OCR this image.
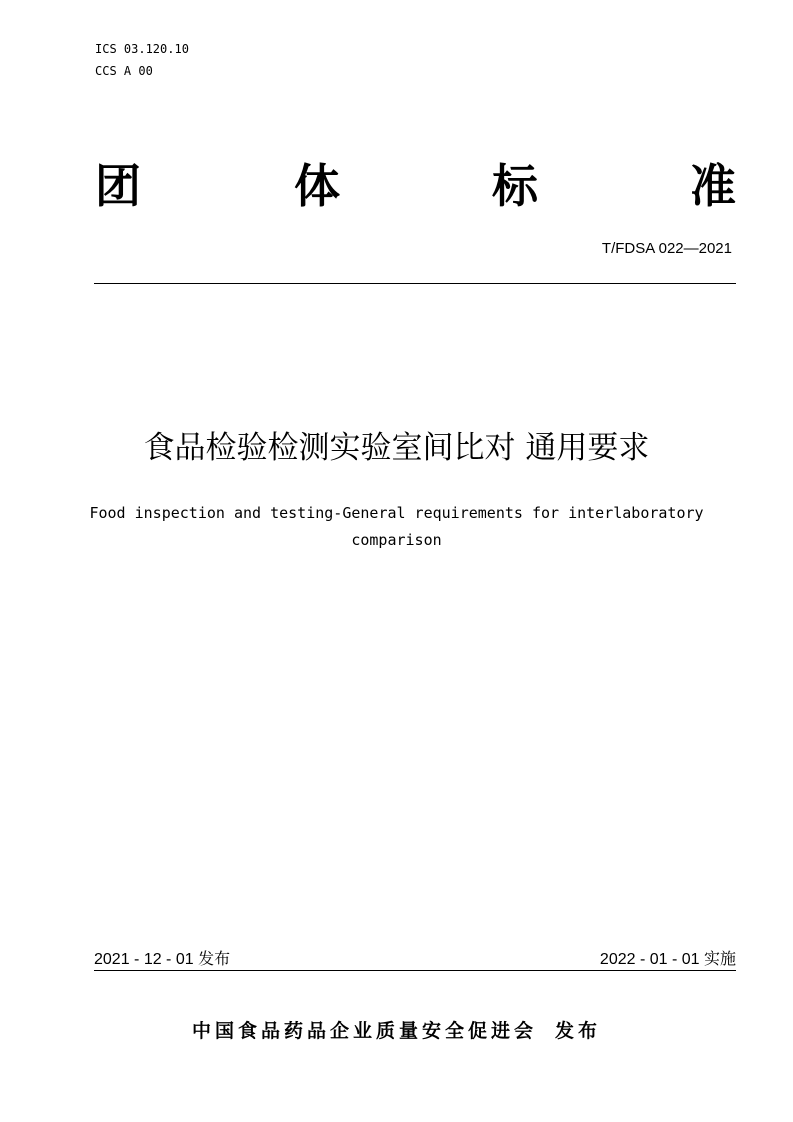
ICS 03.120.10
CCS A 00
团	体	标	准
T/FDSA 022—2021
食品检验检测实验室间比对 通用要求
Food inspection and testing-General requirements for interlaboratory
comparison
2021 - 12 - 01 发布	2022 - 01 - 01 实施
中国食品药品企业质量安全促进会 发布
